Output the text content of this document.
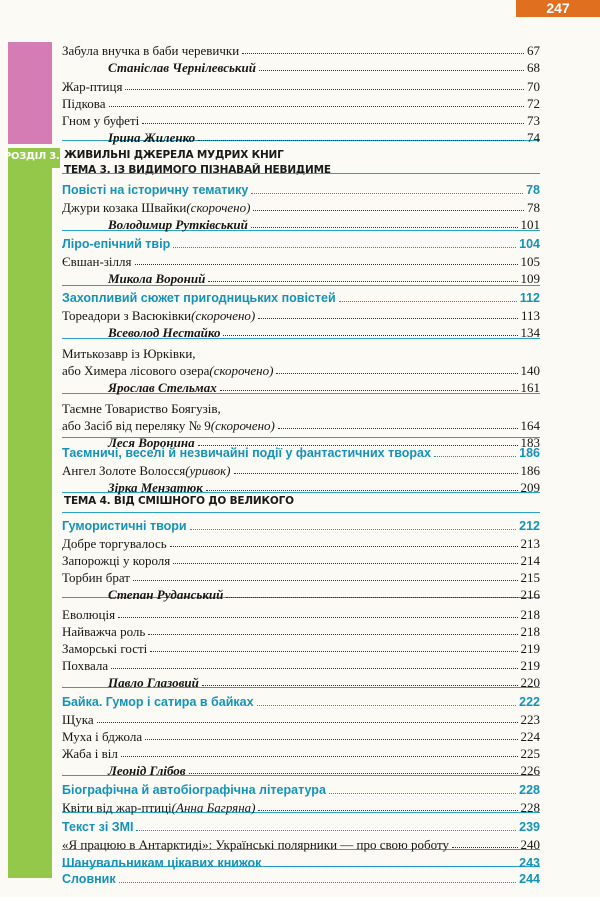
247
РОЗДІЛ 3. ЖИВИЛЬНІ ДЖЕРЕЛА МУДРИХ КНИГ
ТЕМА 3. ІЗ ВИДИМОГО ПІЗНАВАЙ НЕВИДИМЕ
ТЕМА 4. ВІД СМІШНОГО ДО ВЕЛИКОГО
Забула внучка в баби черевички	67
Станіслав Чернілевський	68
Жар-птиця	70
Підкова	72
Гном у буфеті	73
Ірина Жиленко	74
Повісті на історичну тематику	78
Джури козака Швайки (скорочено)	78
Володимир Рутківський	101
Ліро-епічний твір	104
Євшан-зілля	105
Микола Вороний	109
Захопливий сюжет пригодницьких повістей	112
Тореадори з Васюківки (скорочено)	113
Всеволод Нестайко	134
Митькозавр із Юрківки,
або Химера лісового озера (скорочено)	140
Ярослав Стельмах	161
Таємне Товариство Боягузів,
або Засіб від переляку № 9 (скорочено)	164
Леся Воронина	183
Таємничі, веселі й незвичайні події у фантастичних творах	186
Ангел Золоте Волосся (уривок)	186
Зірка Мензатюк	209
Гумористичні твори	212
Добре торгувалось	213
Запорожці у короля	214
Торбин брат	215
Степан Руданський	216
Еволюція	218
Найважча роль	218
Заморські гості	219
Похвала	219
Павло Глазовий	220
Байка. Гумор і сатира в байках	222
Щука	223
Муха і бджола	224
Жаба і віл	225
Леонід Глібов	226
Біографічна й автобіографічна література	228
Квіти від жар-птиці (Анна Багряна)	228
Текст зі ЗМІ	239
«Я працюю в Антарктиді»: Українські полярники — про свою роботу	240
Шанувальникам цікавих книжок	243
Словник	244
